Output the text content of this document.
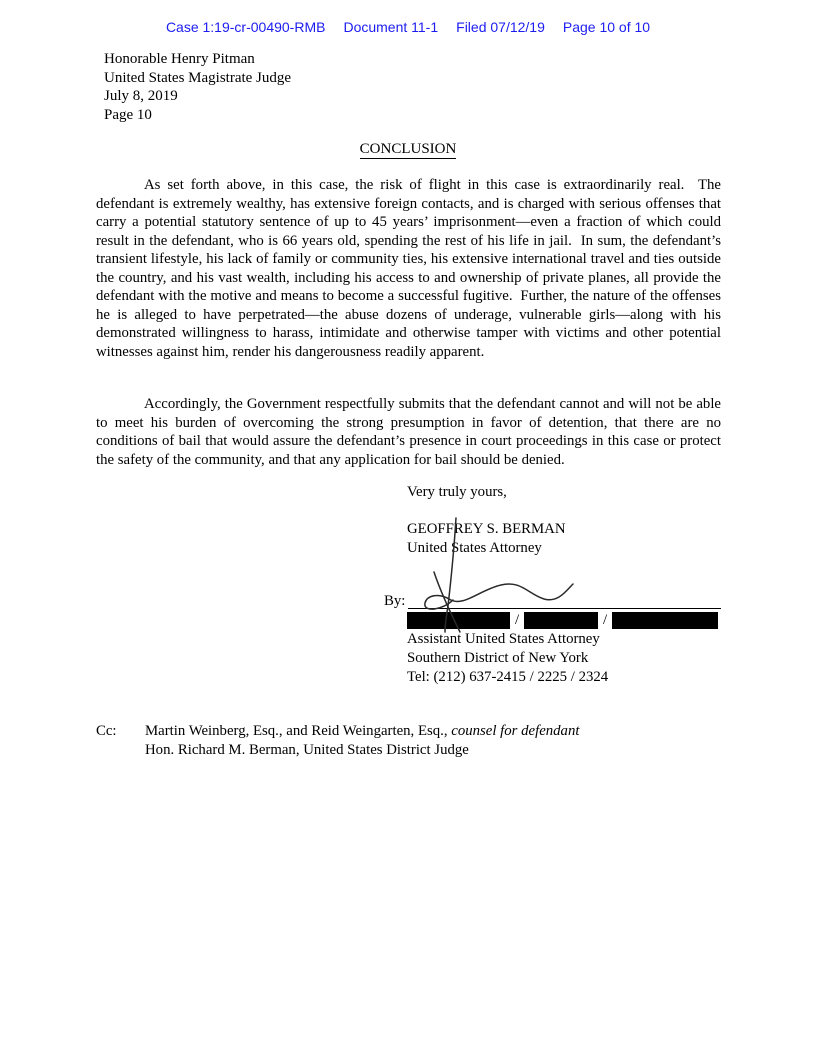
Case 1:19-cr-00490-RMB Document 11-1 Filed 07/12/19 Page 10 of 10
Honorable Henry Pitman
United States Magistrate Judge
July 8, 2019
Page 10
CONCLUSION
As set forth above, in this case, the risk of flight in this case is extraordinarily real.  The defendant is extremely wealthy, has extensive foreign contacts, and is charged with serious offenses that carry a potential statutory sentence of up to 45 years’ imprisonment—even a fraction of which could result in the defendant, who is 66 years old, spending the rest of his life in jail.  In sum, the defendant’s transient lifestyle, his lack of family or community ties, his extensive international travel and ties outside the country, and his vast wealth, including his access to and ownership of private planes, all provide the defendant with the motive and means to become a successful fugitive.  Further, the nature of the offenses he is alleged to have perpetrated—the abuse dozens of underage, vulnerable girls—along with his demonstrated willingness to harass, intimidate and otherwise tamper with victims and other potential witnesses against him, render his dangerousness readily apparent.
Accordingly, the Government respectfully submits that the defendant cannot and will not be able to meet his burden of overcoming the strong presumption in favor of detention, that there are no conditions of bail that would assure the defendant’s presence in court proceedings in this case or protect the safety of the community, and that any application for bail should be denied.
Very truly yours,
GEOFFREY S. BERMAN
United States Attorney
By:
/	/
Assistant United States Attorney
Southern District of New York
Tel: (212) 637-2415 / 2225 / 2324
Cc:	Martin Weinberg, Esq., and Reid Weingarten, Esq., counsel for defendant
Hon. Richard M. Berman, United States District Judge
